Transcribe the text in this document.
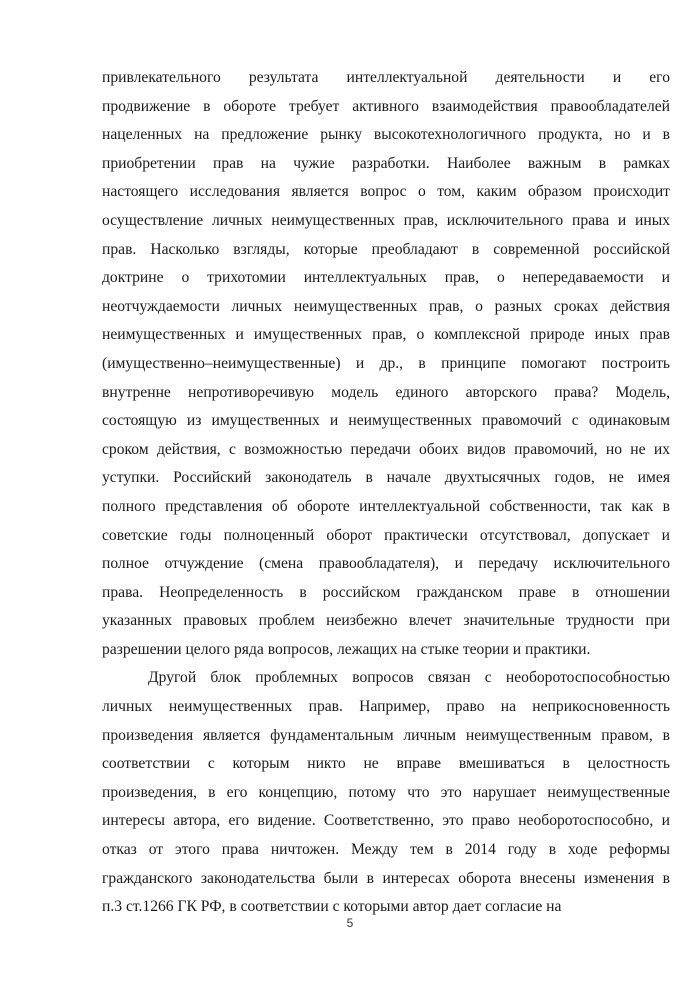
привлекательного результата интеллектуальной деятельности и его
продвижение в обороте требует активного взаимодействия правообладателей
нацеленных на предложение рынку высокотехнологичного продукта, но и в
приобретении прав на чужие разработки. Наиболее важным в рамках
настоящего исследования является вопрос о том, каким образом происходит
осуществление личных неимущественных прав, исключительного права и иных
прав. Насколько взгляды, которые преобладают в современной российской
доктрине о трихотомии интеллектуальных прав, о непередаваемости и
неотчуждаемости личных неимущественных прав, о разных сроках действия
неимущественных и имущественных прав, о комплексной природе иных прав
(имущественно–неимущественные) и др., в принципе помогают построить
внутренне непротиворечивую модель единого авторского права? Модель,
состоящую из имущественных и неимущественных правомочий с одинаковым
сроком действия, с возможностью передачи обоих видов правомочий, но не их
уступки. Российский законодатель в начале двухтысячных годов, не имея
полного представления об обороте интеллектуальной собственности, так как в
советские годы полноценный оборот практически отсутствовал, допускает и
полное отчуждение (смена правообладателя), и передачу исключительного
права. Неопределенность в российском гражданском праве в отношении
указанных правовых проблем неизбежно влечет значительные трудности при
разрешении целого ряда вопросов, лежащих на стыке теории и практики.
Другой блок проблемных вопросов связан с необоротоспособностью
личных неимущественных прав. Например, право на неприкосновенность
произведения является фундаментальным личным неимущественным правом, в
соответствии с которым никто не вправе вмешиваться в целостность
произведения, в его концепцию, потому что это нарушает неимущественные
интересы автора, его видение. Соответственно, это право необоротоспособно, и
отказ от этого права ничтожен. Между тем в 2014 году в ходе реформы
гражданского законодательства были в интересах оборота внесены изменения в
п.3 ст.1266 ГК РФ, в соответствии с которыми автор дает согласие на
5
